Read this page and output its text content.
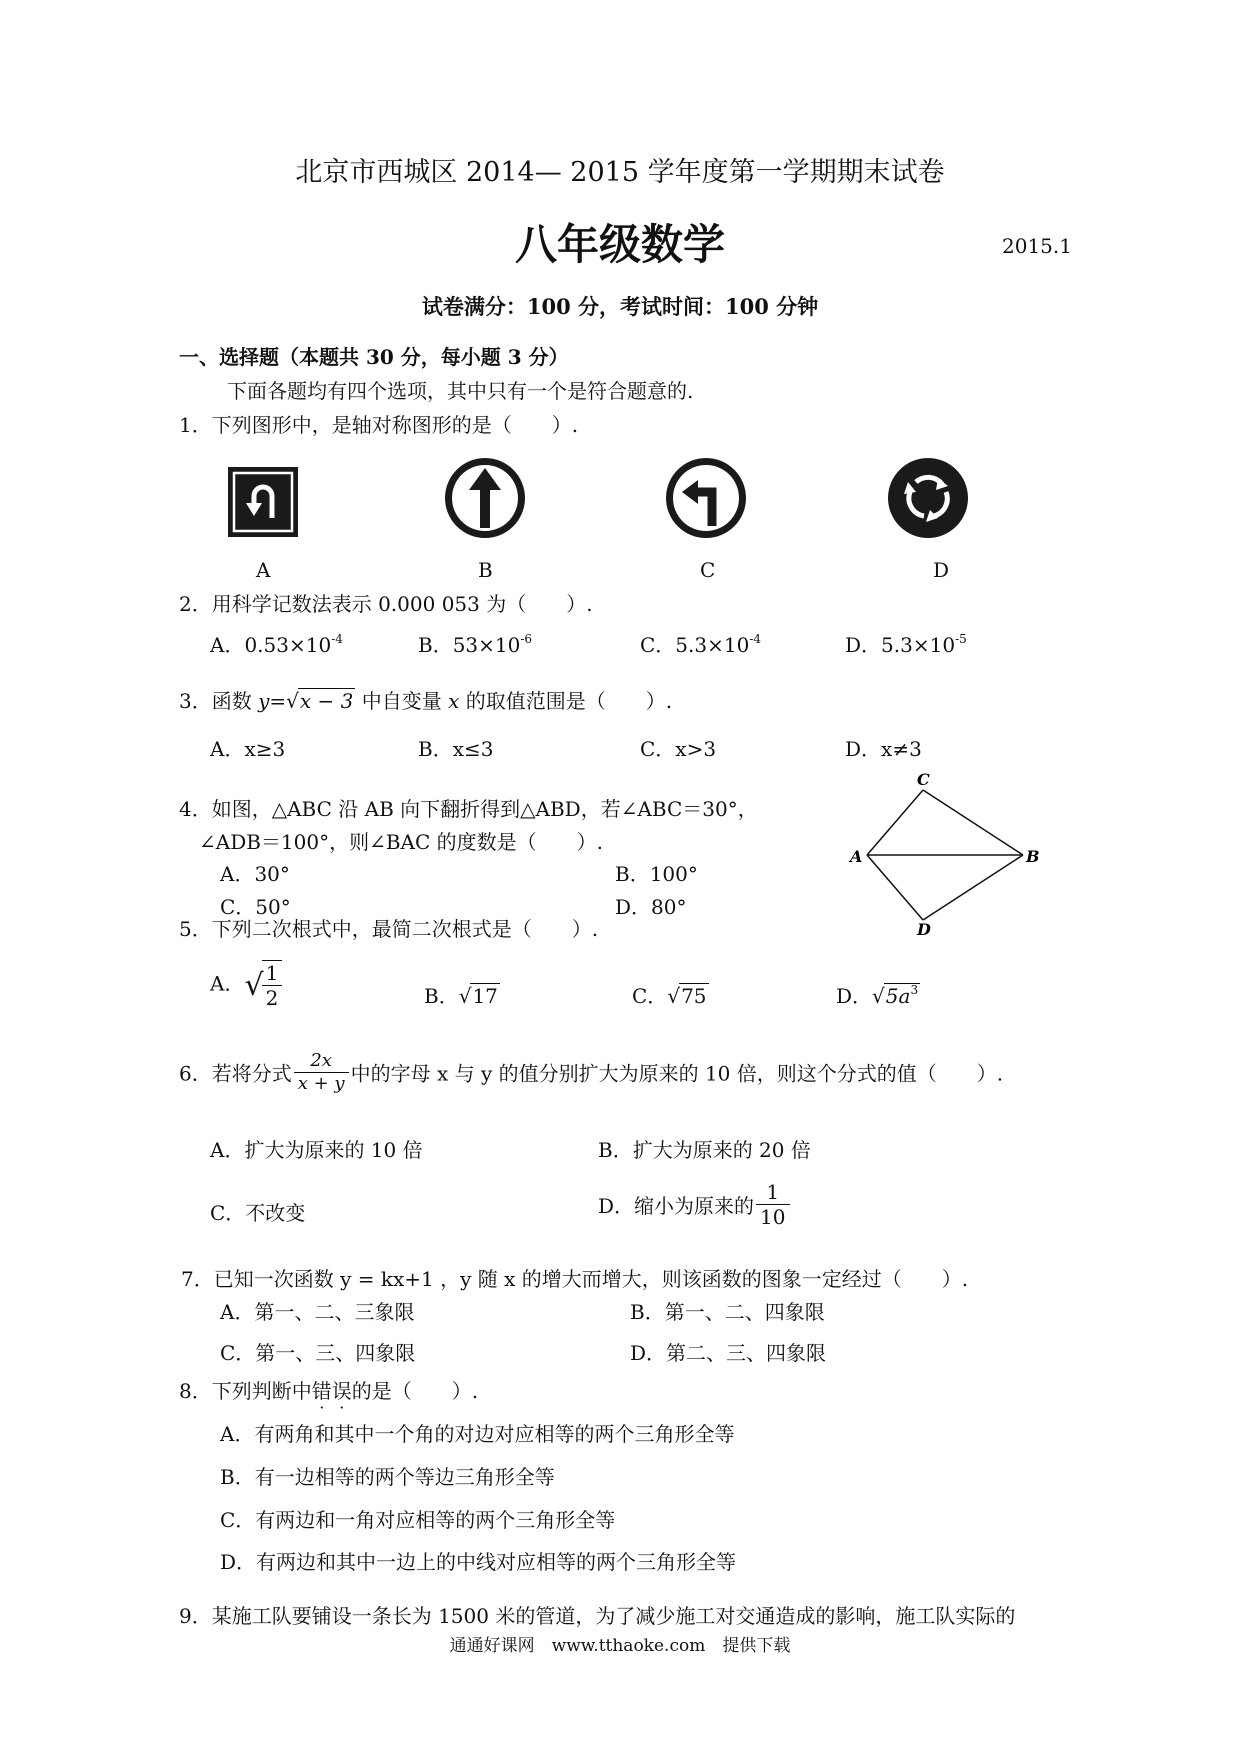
北京市西城区 2014— 2015 学年度第一学期期末试卷
八年级数学	2015.1
试卷满分：100 分，考试时间：100 分钟
一、选择题（本题共 30 分，每小题 3 分）
下面各题均有四个选项，其中只有一个是符合题意的.
1．下列图形中，是轴对称图形的是（　　）.
A	B	C	D
2．用科学记数法表示 0.000 053 为（　　）.
A．$0.53\times 10^{-4}$	B．$53\times 10^{-6}$	C．$5.3\times 10^{-4}$	D．$5.3\times 10^{-5}$
3．函数 y=√x − 3 中自变量 x 的取值范围是（　　）.
A．x≥3	B．x≤3	C．x>3	D．x≠3
4．如图，△ABC 沿 AB 向下翻折得到△ABD，若∠ABC＝30°，
∠ADB＝100°，则∠BAC 的度数是（　　）.
A．30°	B．100°
C．50°	D．80°
A	B
C
D
5．下列二次根式中，最简二次根式是（　　）.
A．√
$\frac{1}{2}$	B．√17	C．√75	D．$√5a^3$
6．若将分式 $\frac{2x}{x + y}$ 中的字母 x 与 y 的值分别扩大为原来的 10 倍，则这个分式的值（　　）.
A．扩大为原来的 10 倍	B．扩大为原来的 20 倍
C．不改变	D．缩小为原来的 $\frac{1}{10}$
7．已知一次函数 y = kx+1 ，y 随 x 的增大而增大，则该函数的图象一定经过（　　）.
A．第一、二、三象限	B．第一、二、四象限
C．第一、三、四象限	D．第二、三、四象限
8．下列判断中错误的是（　　）.
A．有两角和其中一个角的对边对应相等的两个三角形全等
B．有一边相等的两个等边三角形全等
C．有两边和一角对应相等的两个三角形全等
D．有两边和其中一边上的中线对应相等的两个三角形全等
9．某施工队要铺设一条长为 1500 米的管道，为了减少施工对交通造成的影响，施工队实际的
通通好课网　www.tthaoke.com　提供下载
